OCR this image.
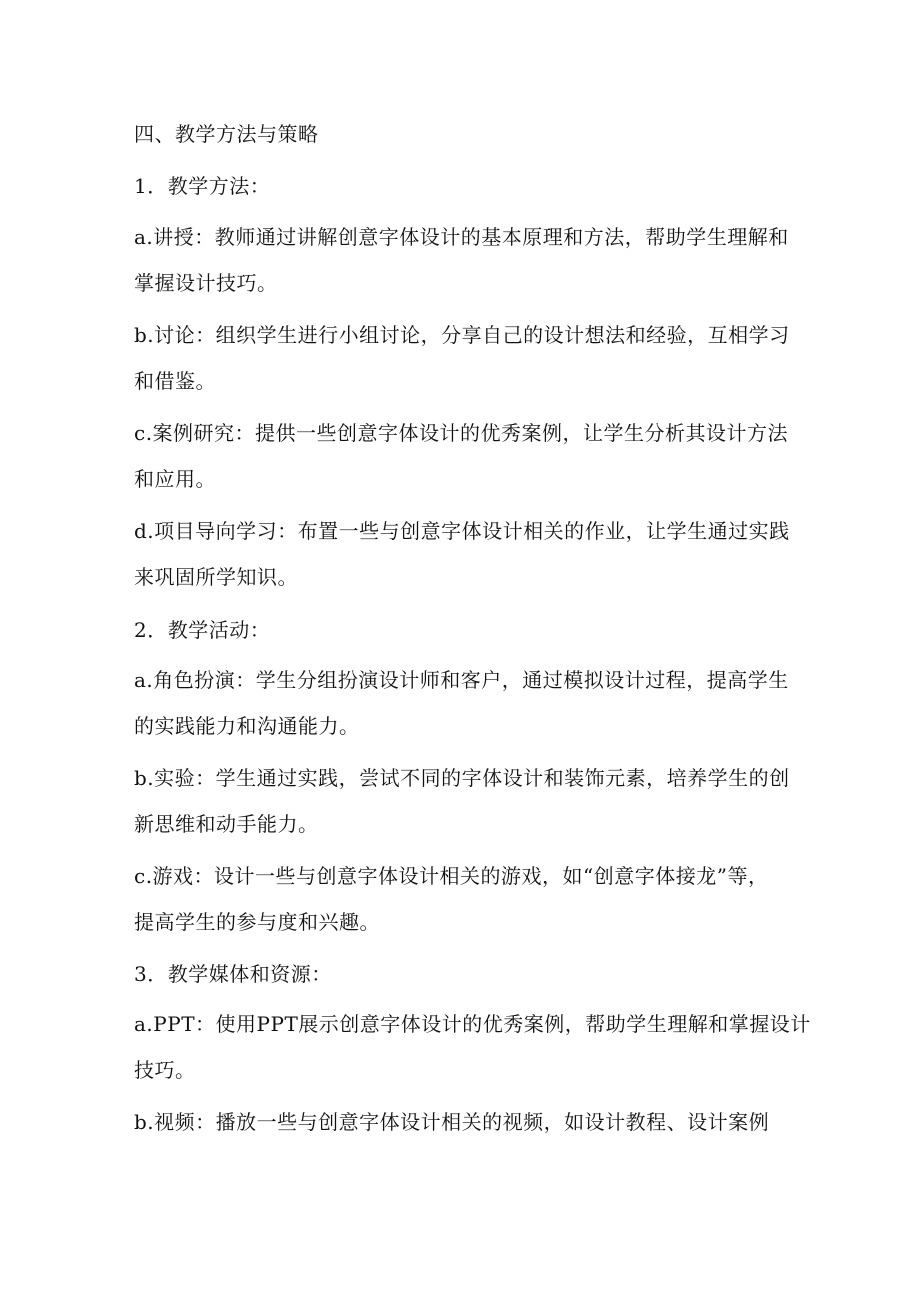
四、教学方法与策略

1．教学方法：

a.讲授：教师通过讲解创意字体设计的基本原理和方法，帮助学生理解和

掌握设计技巧。

b.讨论：组织学生进行小组讨论，分享自己的设计想法和经验，互相学习

和借鉴。

c.案例研究：提供一些创意字体设计的优秀案例，让学生分析其设计方法

和应用。

d.项目导向学习：布置一些与创意字体设计相关的作业，让学生通过实践

来巩固所学知识。

2．教学活动：

a.角色扮演：学生分组扮演设计师和客户，通过模拟设计过程，提高学生

的实践能力和沟通能力。

b.实验：学生通过实践，尝试不同的字体设计和装饰元素，培养学生的创

新思维和动手能力。

c.游戏：设计一些与创意字体设计相关的游戏，如“创意字体接龙”等，

提高学生的参与度和兴趣。

3．教学媒体和资源：

a.PPT：使用PPT展示创意字体设计的优秀案例，帮助学生理解和掌握设计

技巧。

b.视频：播放一些与创意字体设计相关的视频，如设计教程、设计案例
